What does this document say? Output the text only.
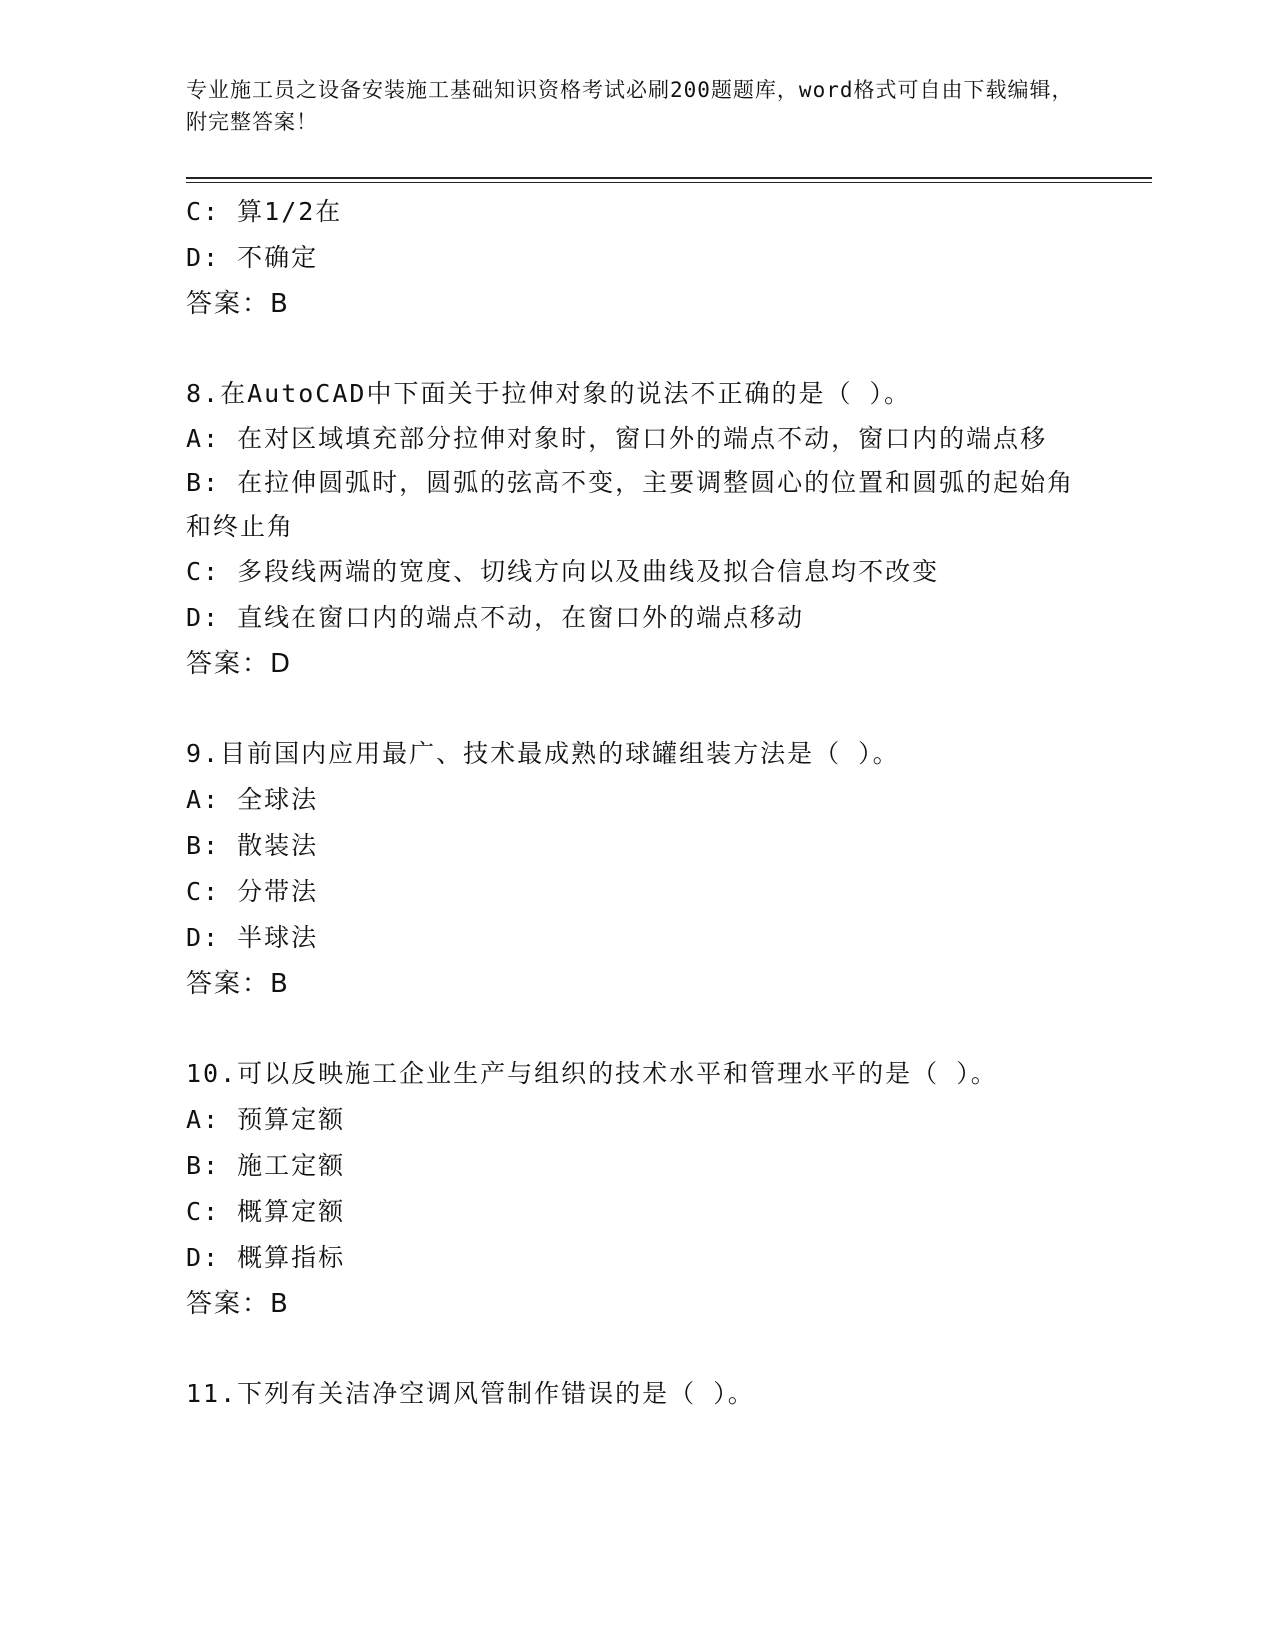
专业施工员之设备安装施工基础知识资格考试必刷200题题库，word格式可自由下载编辑，附完整答案！
C: 算1/2在
D: 不确定
答案：B
8.在AutoCAD中下面关于拉伸对象的说法不正确的是（ ）。
A: 在对区域填充部分拉伸对象时，窗口外的端点不动，窗口内的端点移
B: 在拉伸圆弧时，圆弧的弦高不变，主要调整圆心的位置和圆弧的起始角和终止角
C: 多段线两端的宽度、切线方向以及曲线及拟合信息均不改变
D: 直线在窗口内的端点不动，在窗口外的端点移动
答案：D
9.目前国内应用最广、技术最成熟的球罐组装方法是（ ）。
A: 全球法
B: 散装法
C: 分带法
D: 半球法
答案：B
10.可以反映施工企业生产与组织的技术水平和管理水平的是（ ）。
A: 预算定额
B: 施工定额
C: 概算定额
D: 概算指标
答案：B
11.下列有关洁净空调风管制作错误的是（ ）。
